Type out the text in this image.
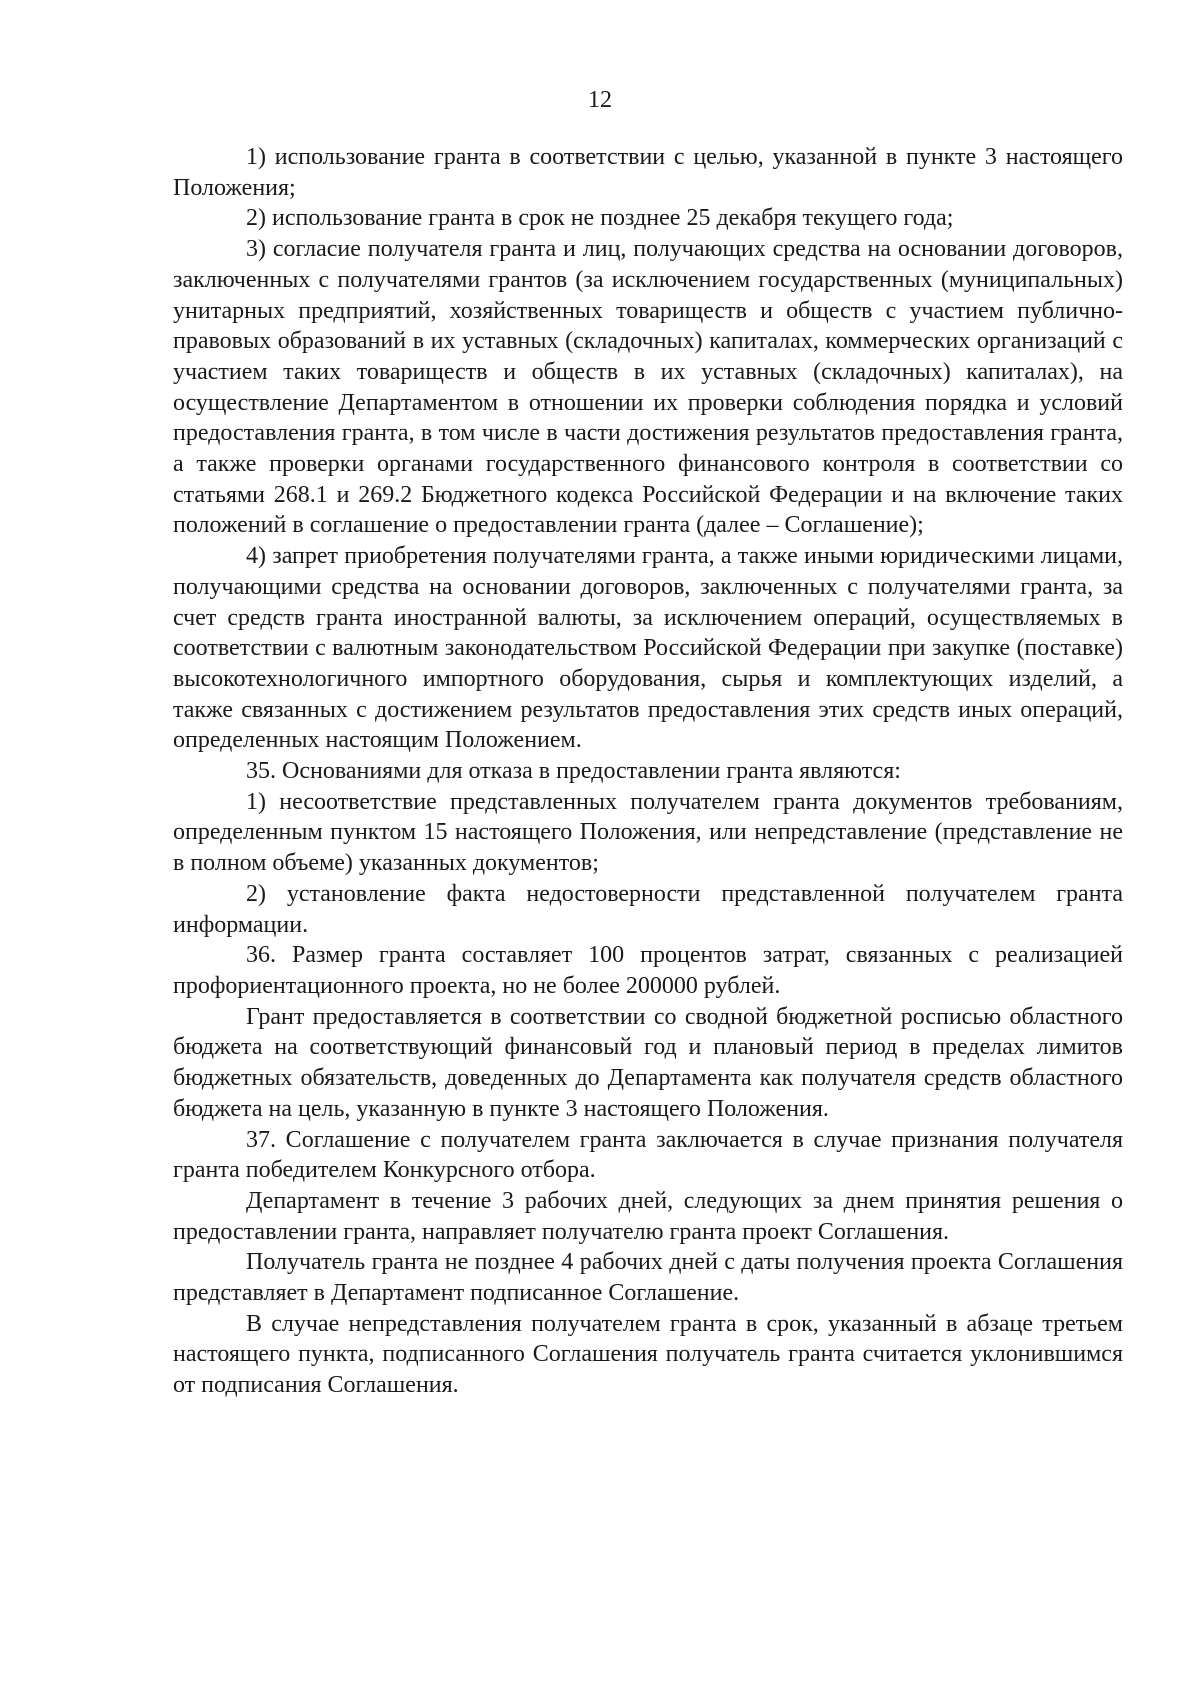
12

1) использование гранта в соответствии с целью, указанной в пункте 3 настоящего Положения;

2) использование гранта в срок не позднее 25 декабря текущего года;

3) согласие получателя гранта и лиц, получающих средства на основании договоров, заключенных с получателями грантов (за исключением государственных (муниципальных) унитарных предприятий, хозяйственных товариществ и обществ с участием публично-правовых образований в их уставных (складочных) капиталах, коммерческих организаций с участием таких товариществ и обществ в их уставных (складочных) капиталах), на осуществление Департаментом в отношении их проверки соблюдения порядка и условий предоставления гранта, в том числе в части достижения результатов предоставления гранта, а также проверки органами государственного финансового контроля в соответствии со статьями 268.1 и 269.2 Бюджетного кодекса Российской Федерации и на включение таких положений в соглашение о предоставлении гранта (далее – Соглашение);

4) запрет приобретения получателями гранта, а также иными юридическими лицами, получающими средства на основании договоров, заключенных с получателями гранта, за счет средств гранта иностранной валюты, за исключением операций, осуществляемых в соответствии с валютным законодательством Российской Федерации при закупке (поставке) высокотехнологичного импортного оборудования, сырья и комплектующих изделий, а также связанных с достижением результатов предоставления этих средств иных операций, определенных настоящим Положением.

35. Основаниями для отказа в предоставлении гранта являются:

1) несоответствие представленных получателем гранта документов требованиям, определенным пунктом 15 настоящего Положения, или непредставление (представление не в полном объеме) указанных документов;

2) установление факта недостоверности представленной получателем гранта информации.

36. Размер гранта составляет 100 процентов затрат, связанных с реализацией профориентационного проекта, но не более 200000 рублей.

Грант предоставляется в соответствии со сводной бюджетной росписью областного бюджета на соответствующий финансовый год и плановый период в пределах лимитов бюджетных обязательств, доведенных до Департамента как получателя средств областного бюджета на цель, указанную в пункте 3 настоящего Положения.

37. Соглашение с получателем гранта заключается в случае признания получателя гранта победителем Конкурсного отбора.

Департамент в течение 3 рабочих дней, следующих за днем принятия решения о предоставлении гранта, направляет получателю гранта проект Соглашения.

Получатель гранта не позднее 4 рабочих дней с даты получения проекта Соглашения представляет в Департамент подписанное Соглашение.

В случае непредставления получателем гранта в срок, указанный в абзаце третьем настоящего пункта, подписанного Соглашения получатель гранта считается уклонившимся от подписания Соглашения.
